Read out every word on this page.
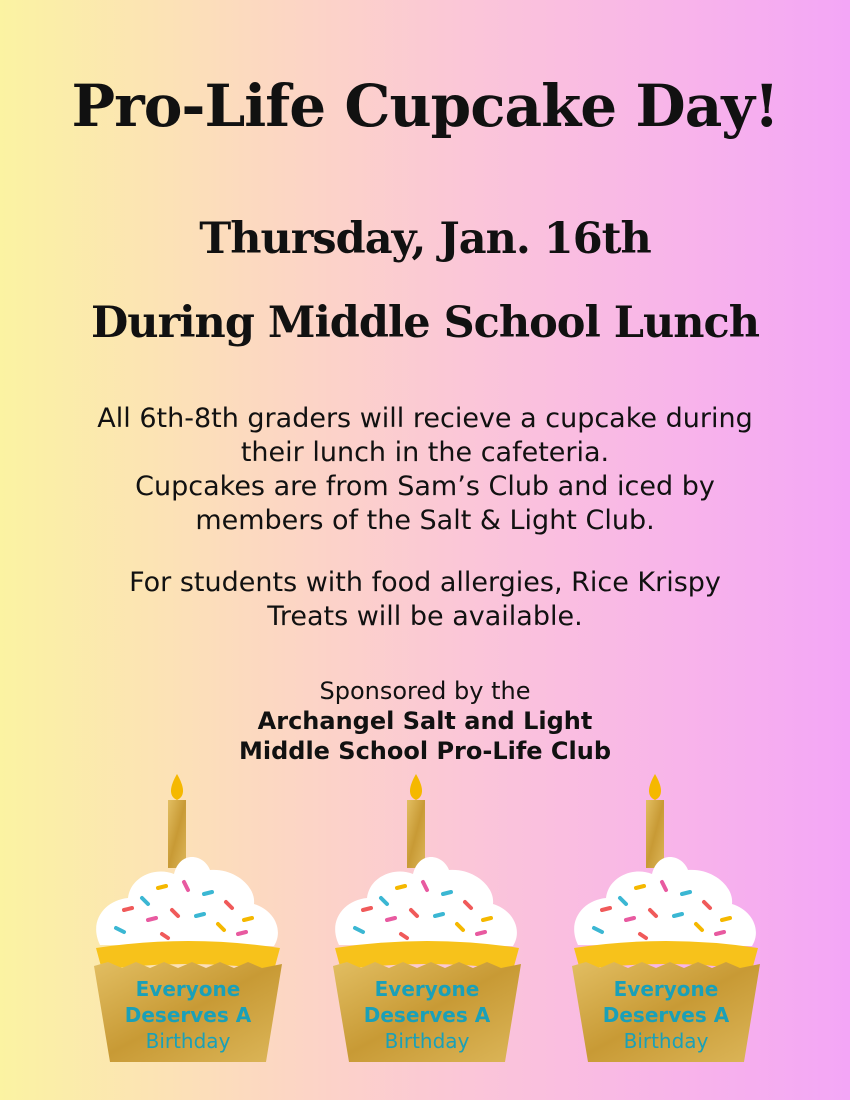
Pro-Life Cupcake Day!
Thursday, Jan. 16th
During Middle School Lunch
All 6th-8th graders will recieve a cupcake during
their lunch in the cafeteria.
Cupcakes are from Sam’s Club and iced by
members of the Salt & Light Club.
For students with food allergies, Rice Krispy
Treats will be available.
Sponsored by the
Archangel Salt and Light
Middle School Pro-Life Club
Everyone
Deserves A
Birthday
Everyone
Deserves A
Birthday
Everyone
Deserves A
Birthday
